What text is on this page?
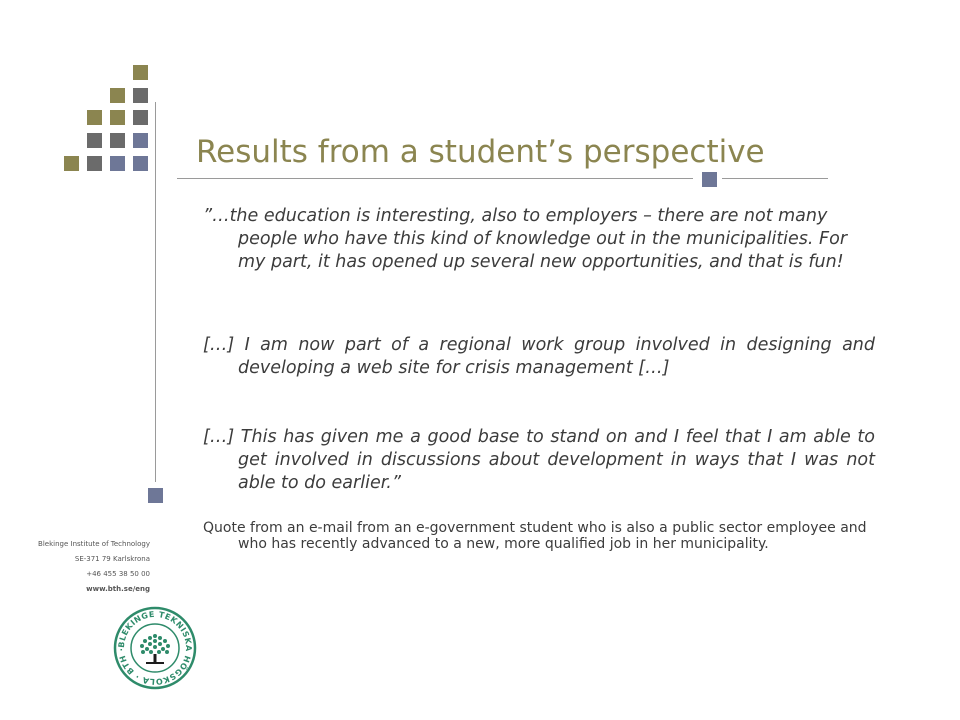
Results from a student’s perspective
”…the education is interesting, also to employers – there are not many people who have this kind of knowledge out in the municipalities. For my part, it has opened up several new opportunities, and that is fun!
[…] I am now part of a regional work group involved in designing and developing a web site for crisis management […]
[…] This has given me a good base to stand on and I feel that I am able to get involved in discussions about development in ways that I was not able to do earlier.”
Quote from an e-mail from an e-government student who is also a public sector employee and who has recently advanced to a new, more qualified job in her municipality.
Blekinge Institute of Technology
SE-371 79 Karlskrona
+46 455 38 50 00
www.bth.se/eng
BLEKINGE TEKNISKA HÖGSKOLA · BTH ·
